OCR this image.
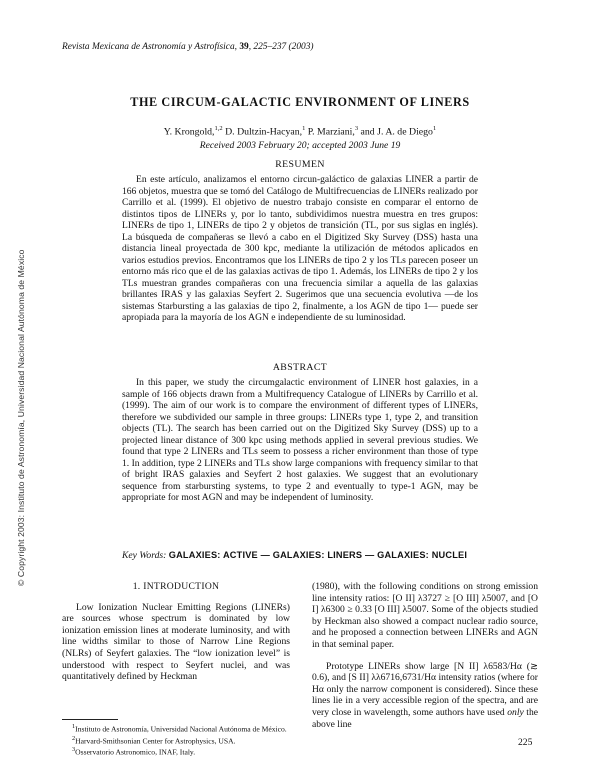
Revista Mexicana de Astronomía y Astrofísica, 39, 225–237 (2003)
© Copyright 2003: Instituto de Astronomía, Universidad Nacional Autónoma de México
THE CIRCUM-GALACTIC ENVIRONMENT OF LINERS
Y. Krongold,$^{1,2}$ D. Dultzin-Hacyan,$^1$ P. Marziani,$^3$ and J. A. de Diego$^1$
Received 2003 February 20; accepted 2003 June 19
RESUMEN
En este artículo, analizamos el entorno circun-galáctico de galaxias LINER a partir de 166 objetos, muestra que se tomó del Catálogo de Multifrecuencias de LINERs realizado por Carrillo et al. (1999). El objetivo de nuestro trabajo consiste en comparar el entorno de distintos tipos de LINERs y, por lo tanto, subdividimos nuestra muestra en tres grupos: LINERs de tipo 1, LINERs de tipo 2 y objetos de transición (TL, por sus siglas en inglés). La búsqueda de compañeras se llevó a cabo en el Digitized Sky Survey (DSS) hasta una distancia lineal proyectada de 300 kpc, mediante la utilización de métodos aplicados en varios estudios previos. Encontramos que los LINERs de tipo 2 y los TLs parecen poseer un entorno más rico que el de las galaxias activas de tipo 1. Además, los LINERs de tipo 2 y los TLs muestran grandes compañeras con una frecuencia similar a aquella de las galaxias brillantes IRAS y las galaxias Seyfert 2. Sugerimos que una secuencia evolutiva —de los sistemas Starbursting a las galaxias de tipo 2, finalmente, a los AGN de tipo 1— puede ser apropiada para la mayoría de los AGN e independiente de su luminosidad.
ABSTRACT
In this paper, we study the circumgalactic environment of LINER host galaxies, in a sample of 166 objects drawn from a Multifrequency Catalogue of LINERs by Carrillo et al. (1999). The aim of our work is to compare the environment of different types of LINERs, therefore we subdivided our sample in three groups: LINERs type 1, type 2, and transition objects (TL). The search has been carried out on the Digitized Sky Survey (DSS) up to a projected linear distance of 300 kpc using methods applied in several previous studies. We found that type 2 LINERs and TLs seem to possess a richer environment than those of type 1. In addition, type 2 LINERs and TLs show large companions with frequency similar to that of bright IRAS galaxies and Seyfert 2 host galaxies. We suggest that an evolutionary sequence from starbursting systems, to type 2 and eventually to type-1 AGN, may be appropriate for most AGN and may be independent of luminosity.
Key Words: GALAXIES: ACTIVE — GALAXIES: LINERS — GALAXIES: NUCLEI

1. INTRODUCTION

Low Ionization Nuclear Emitting Regions (LINERs) are sources whose spectrum is dominated by low ionization emission lines at moderate luminosity, and with line widths similar to those of Narrow Line Regions (NLRs) of Seyfert galaxies. The “low ionization level” is understood with respect to Seyfert nuclei, and was quantitatively defined by Heckman

(1980), with the following conditions on strong emission line intensity ratios: [O II] λ3727 ≥ [O III] λ5007, and [O I] λ6300 ≥ 0.33 [O III] λ5007. Some of the objects studied by Heckman also showed a compact nuclear radio source, and he proposed a connection between LINERs and AGN in that seminal paper.

Prototype LINERs show large [N II] λ6583/Hα (≳ 0.6), and [S II] λλ6716,6731/Hα intensity ratios (where for Hα only the narrow component is considered). Since these lines lie in a very accessible region of the spectra, and are very close in wavelength, some authors have used only the above line

$^1$Instituto de Astronomía, Universidad Nacional Autónoma de México.
$^2$Harvard-Smithsonian Center for Astrophysics, USA.
$^3$Osservatorio Astronomico, INAF, Italy.
225
